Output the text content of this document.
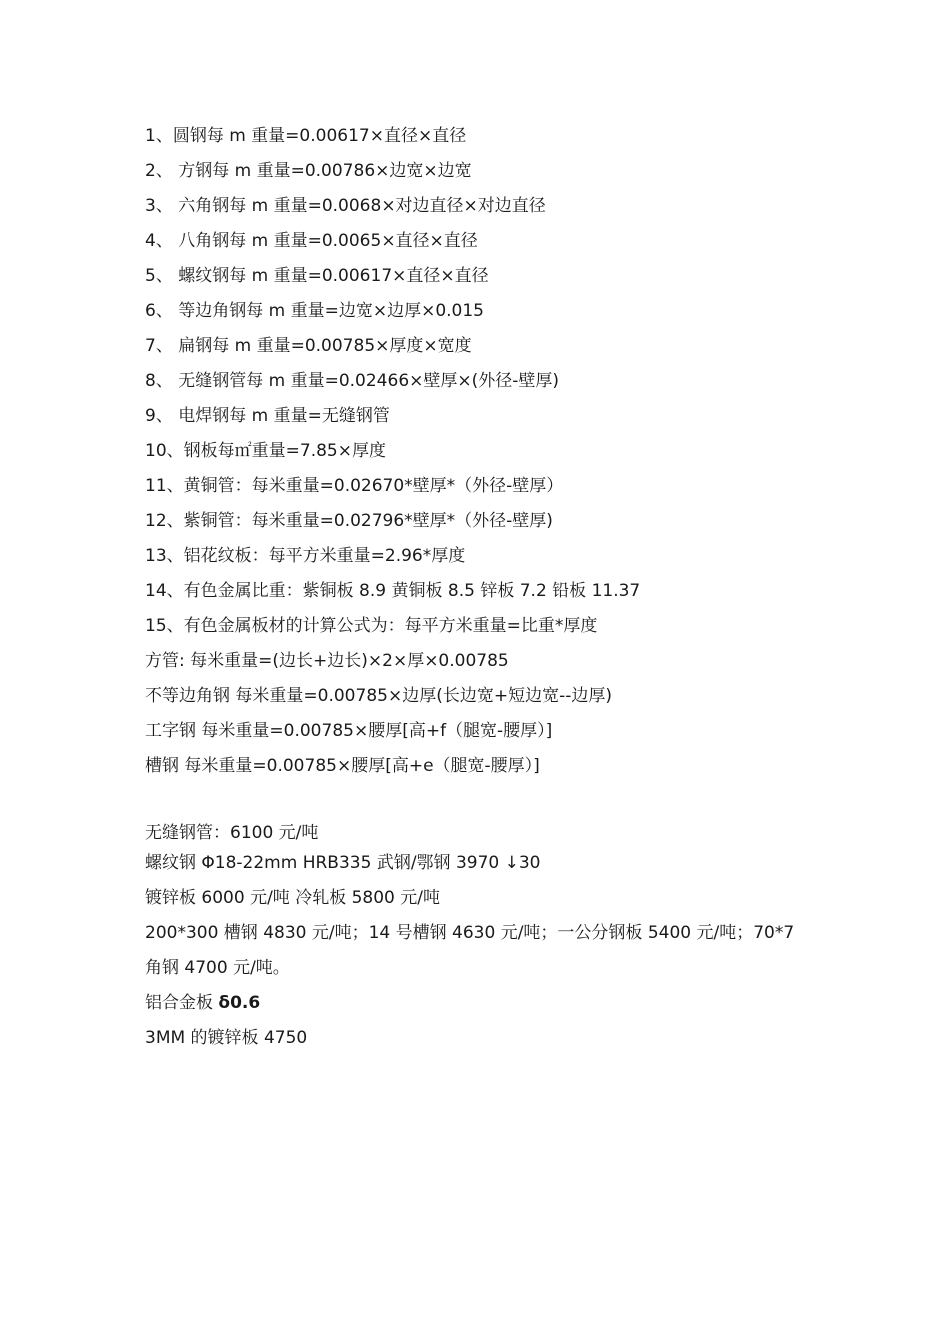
1、圆钢每 m 重量=0.00617×直径×直径
2、 方钢每 m 重量=0.00786×边宽×边宽
3、 六角钢每 m 重量=0.0068×对边直径×对边直径
4、 八角钢每 m 重量=0.0065×直径×直径
5、 螺纹钢每 m 重量=0.00617×直径×直径
6、 等边角钢每 m 重量=边宽×边厚×0.015
7、 扁钢每 m 重量=0.00785×厚度×宽度
8、 无缝钢管每 m 重量=0.02466×壁厚×(外径-壁厚)
9、 电焊钢每 m 重量=无缝钢管
10、钢板每㎡重量=7.85×厚度
11、黄铜管：每米重量=0.02670*壁厚*（外径-壁厚）
12、紫铜管：每米重量=0.02796*壁厚*（外径-壁厚)
13、铝花纹板：每平方米重量=2.96*厚度
14、有色金属比重：紫铜板 8.9 黄铜板 8.5 锌板 7.2 铅板 11.37
15、有色金属板材的计算公式为：每平方米重量=比重*厚度
方管: 每米重量=(边长+边长)×2×厚×0.00785
不等边角钢 每米重量=0.00785×边厚(长边宽+短边宽--边厚)
工字钢 每米重量=0.00785×腰厚[高+f（腿宽-腰厚）]
槽钢 每米重量=0.00785×腰厚[高+e（腿宽-腰厚）]
无缝钢管：6100 元/吨
螺纹钢 Φ18-22mm HRB335 武钢/鄂钢 3970 ↓30
镀锌板 6000 元/吨 冷轧板 5800 元/吨
200*300 槽钢 4830 元/吨；14 号槽钢 4630 元/吨；一公分钢板 5400 元/吨；70*7
角钢 4700 元/吨。
铝合金板 δ0.6
3MM 的镀锌板 4750
